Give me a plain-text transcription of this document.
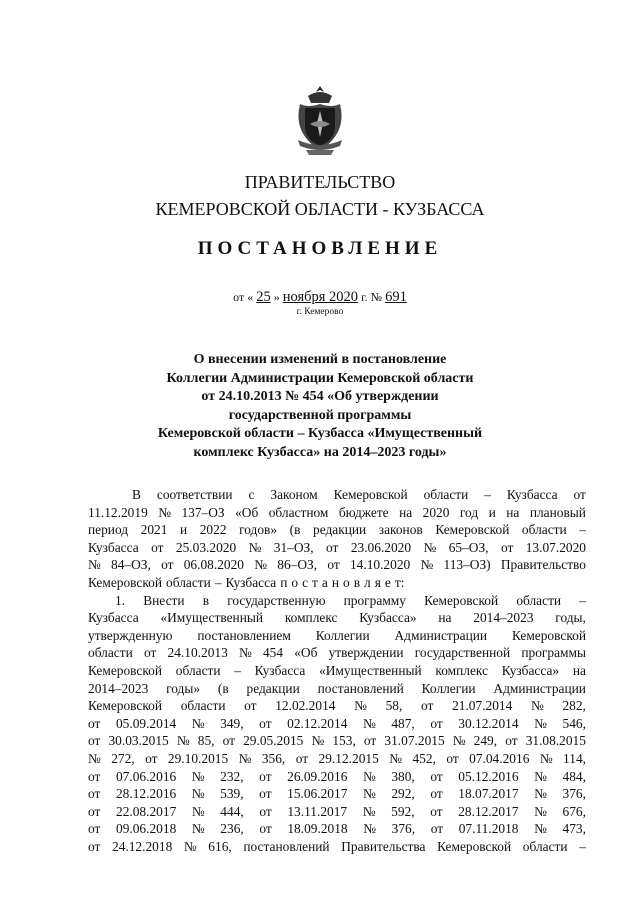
ПРАВИТЕЛЬСТВО
КЕМЕРОВСКОЙ ОБЛАСТИ - КУЗБАССА
ПОСТАНОВЛЕНИЕ
от « 25 » ноября 2020 г. № 691
г. Кемерово
О внесении изменений в постановление
Коллегии Администрации Кемеровской области
от 24.10.2013 № 454 «Об утверждении
государственной программы
Кемеровской области – Кузбасса «Имущественный
комплекс Кузбасса» на 2014–2023 годы»
В соответствии с Законом Кемеровской области – Кузбасса от
11.12.2019 № 137–ОЗ «Об областном бюджете на 2020 год и на плановый
период 2021 и 2022 годов» (в редакции законов Кемеровской области –
Кузбасса от 25.03.2020 № 31–ОЗ, от 23.06.2020 № 65–ОЗ, от 13.07.2020
№ 84–ОЗ, от 06.08.2020 № 86–ОЗ, от 14.10.2020 № 113–ОЗ) Правительство
Кемеровской области – Кузбасса п о с т а н о в л я е т:
1. Внести в государственную программу Кемеровской области –
Кузбасса «Имущественный комплекс Кузбасса» на 2014–2023 годы,
утвержденную постановлением Коллегии Администрации Кемеровской
области от 24.10.2013 № 454 «Об утверждении государственной программы
Кемеровской области – Кузбасса «Имущественный комплекс Кузбасса» на
2014–2023 годы» (в редакции постановлений Коллегии Администрации
Кемеровской области от 12.02.2014 № 58, от 21.07.2014 № 282,
от 05.09.2014 № 349, от 02.12.2014 № 487, от 30.12.2014 № 546,
от 30.03.2015 № 85, от 29.05.2015 № 153, от 31.07.2015 № 249, от 31.08.2015
№ 272, от 29.10.2015 № 356, от 29.12.2015 № 452, от 07.04.2016 № 114,
от 07.06.2016 № 232, от 26.09.2016 № 380, от 05.12.2016 № 484,
от 28.12.2016 № 539, от 15.06.2017 № 292, от 18.07.2017 № 376,
от 22.08.2017 № 444, от 13.11.2017 № 592, от 28.12.2017 № 676,
от 09.06.2018 № 236, от 18.09.2018 № 376, от 07.11.2018 № 473,
от 24.12.2018 № 616, постановлений Правительства Кемеровской области –
